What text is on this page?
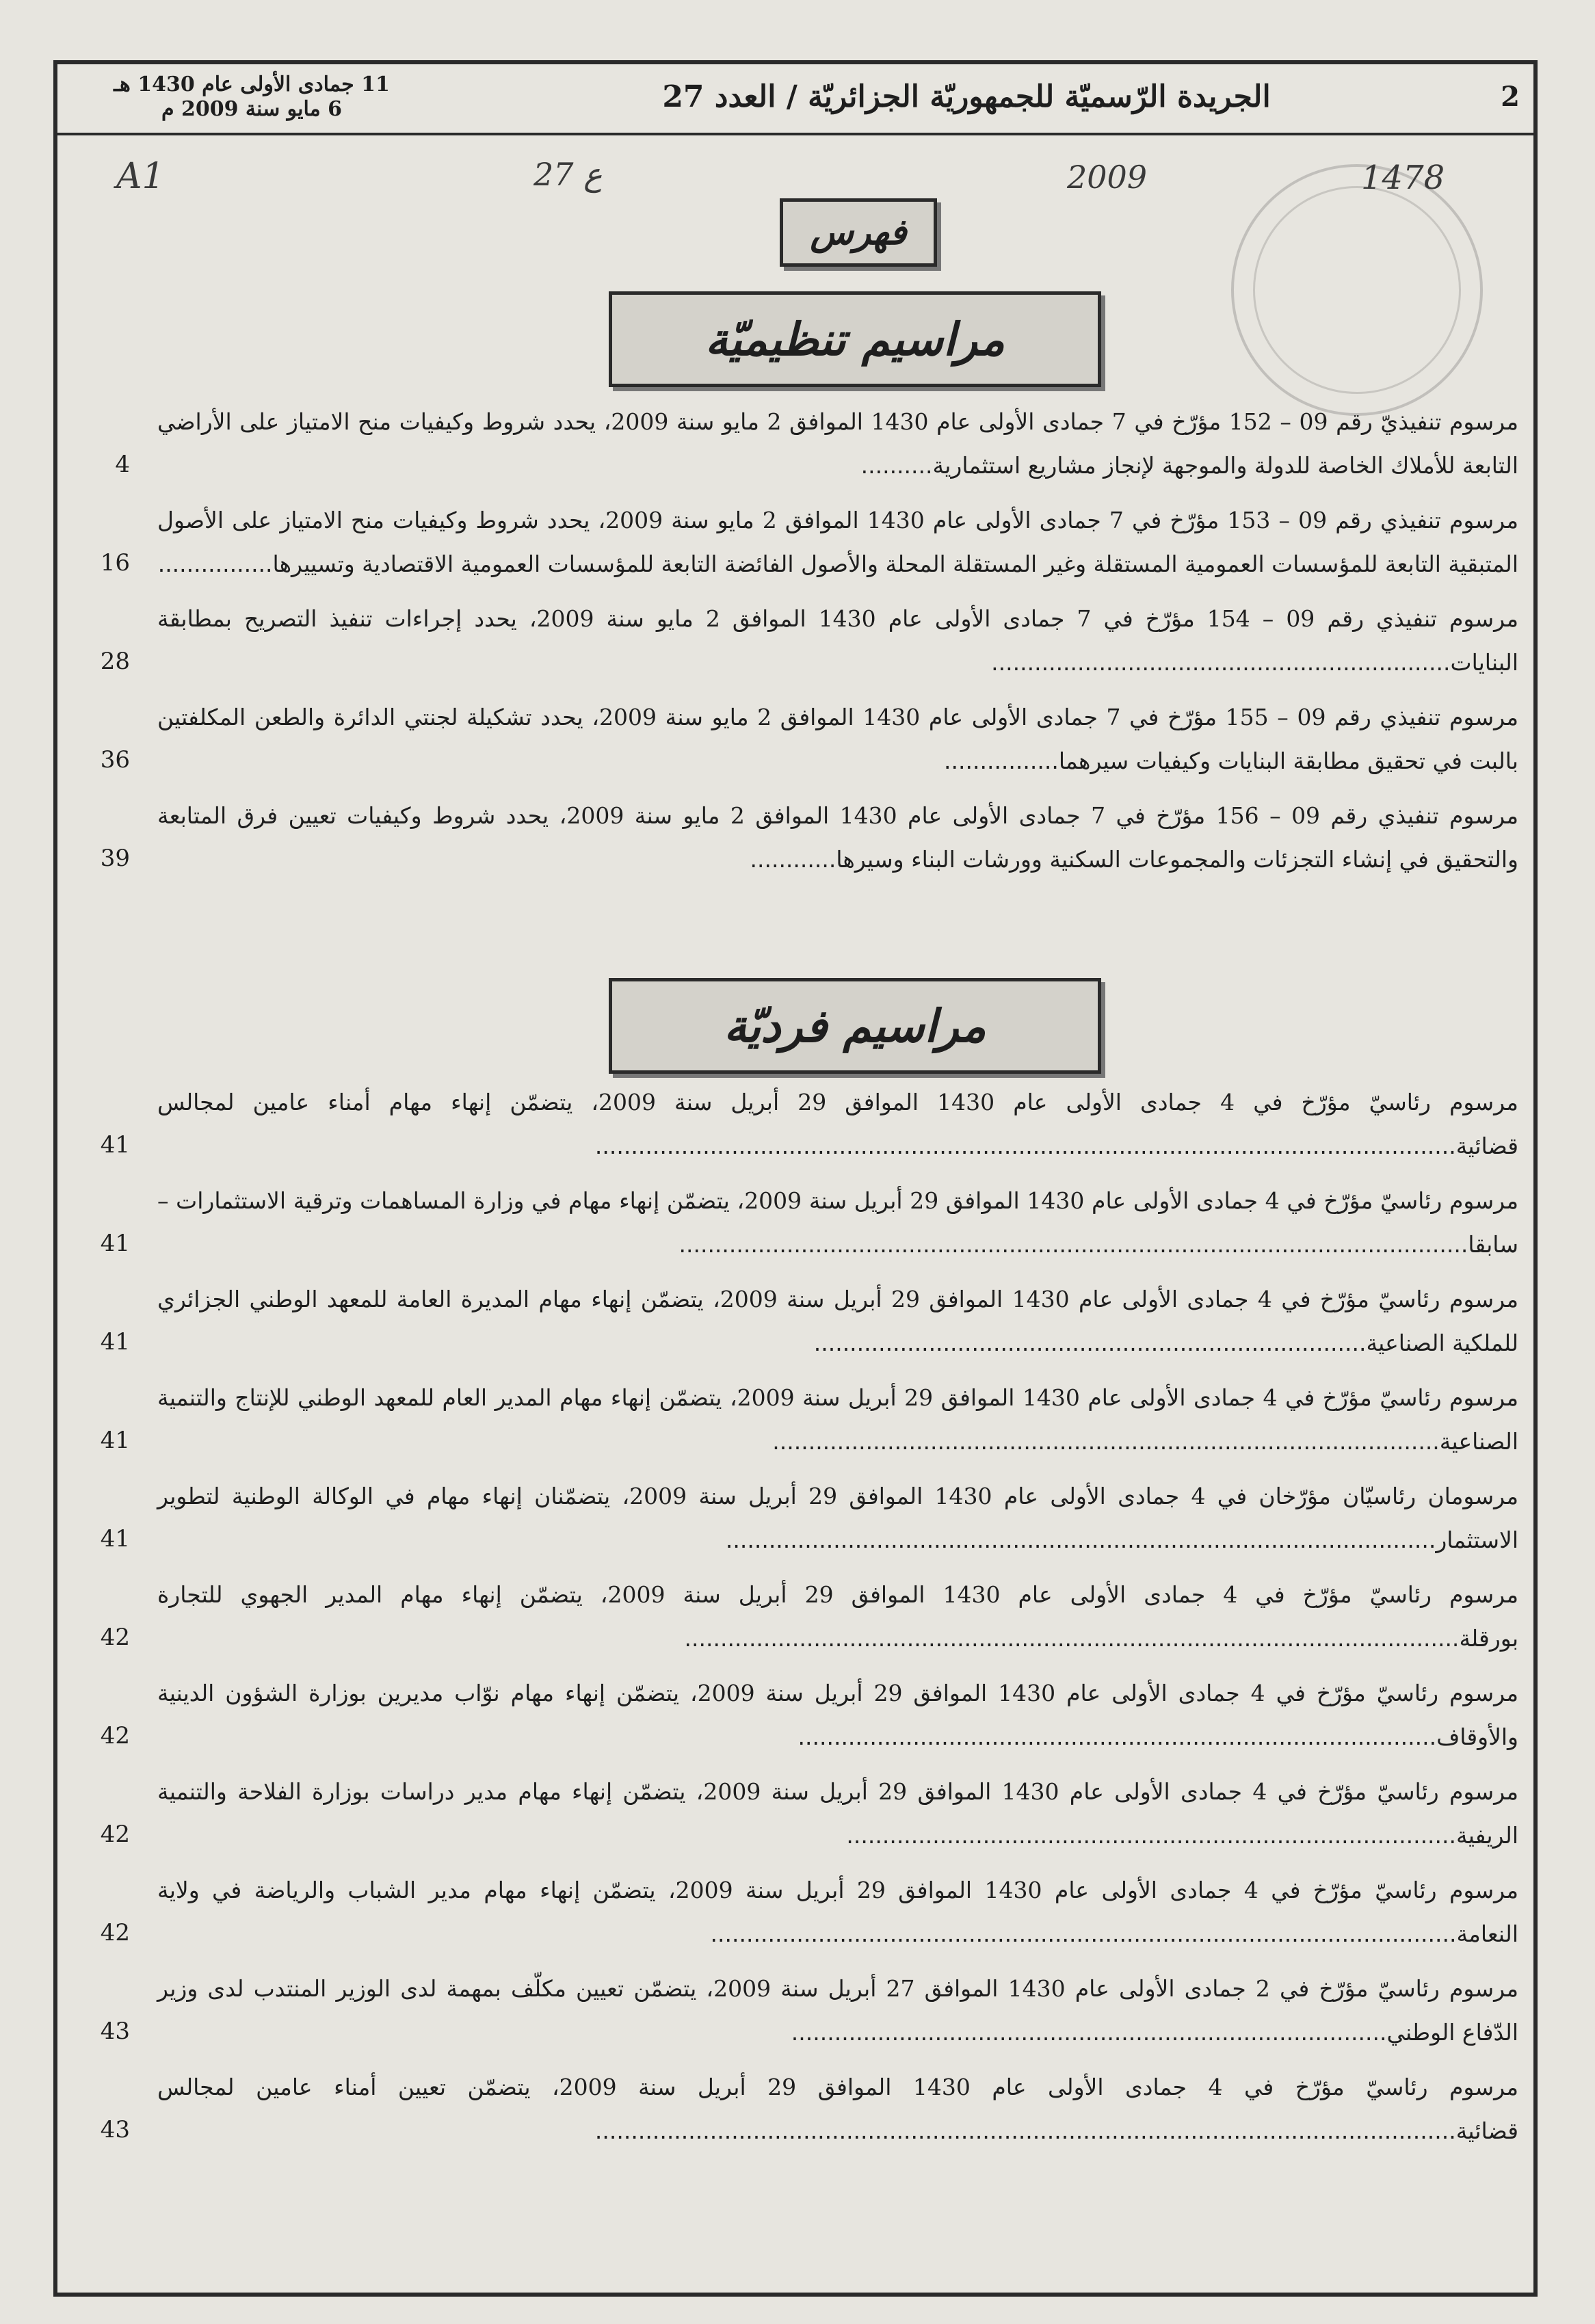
11 جمادى الأولى عام 1430 هـ
6 مايو سنة 2009 م	الجريدة الرّسميّة للجمهوريّة الجزائريّة / العدد 27	2
A1	27 ع	2009	1478
فهرس
مراسيم تنظيميّة
مرسوم تنفيذيّ رقم 09 – 152 مؤرّخ في 7 جمادى الأولى عام 1430 الموافق 2 مايو سنة 2009، يحدد شروط وكيفيات منح الامتياز على الأراضي التابعة للأملاك الخاصة للدولة والموجهة لإنجاز مشاريع استثمارية..........
4
مرسوم تنفيذي رقم 09 – 153 مؤرّخ في 7 جمادى الأولى عام 1430 الموافق 2 مايو سنة 2009، يحدد شروط وكيفيات منح الامتياز على الأصول المتبقية التابعة للمؤسسات العمومية المستقلة وغير المستقلة المحلة والأصول الفائضة التابعة للمؤسسات العمومية الاقتصادية وتسييرها................
16
مرسوم تنفيذي رقم 09 – 154 مؤرّخ في 7 جمادى الأولى عام 1430 الموافق 2 مايو سنة 2009، يحدد إجراءات تنفيذ التصريح بمطابقة البنايات................................................................
28
مرسوم تنفيذي رقم 09 – 155 مؤرّخ في 7 جمادى الأولى عام 1430 الموافق 2 مايو سنة 2009، يحدد تشكيلة لجنتي الدائرة والطعن المكلفتين بالبت في تحقيق مطابقة البنايات وكيفيات سيرهما................
36
مرسوم تنفيذي رقم 09 – 156 مؤرّخ في 7 جمادى الأولى عام 1430 الموافق 2 مايو سنة 2009، يحدد شروط وكيفيات تعيين فرق المتابعة والتحقيق في إنشاء التجزئات والمجموعات السكنية وورشات البناء وسيرها............
39
مراسيم فرديّة
مرسوم رئاسيّ مؤرّخ في 4 جمادى الأولى عام 1430 الموافق 29 أبريل سنة 2009، يتضمّن إنهاء مهام أمناء عامين لمجالس قضائية........................................................................................................................
41
مرسوم رئاسيّ مؤرّخ في 4 جمادى الأولى عام 1430 الموافق 29 أبريل سنة 2009، يتضمّن إنهاء مهام في وزارة المساهمات وترقية الاستثمارات – سابقا..............................................................................................................
41
مرسوم رئاسيّ مؤرّخ في 4 جمادى الأولى عام 1430 الموافق 29 أبريل سنة 2009، يتضمّن إنهاء مهام المديرة العامة للمعهد الوطني الجزائري للملكية الصناعية.............................................................................
41
مرسوم رئاسيّ مؤرّخ في 4 جمادى الأولى عام 1430 الموافق 29 أبريل سنة 2009، يتضمّن إنهاء مهام المدير العام للمعهد الوطني للإنتاج والتنمية الصناعية.............................................................................................
41
مرسومان رئاسيّان مؤرّخان في 4 جمادى الأولى عام 1430 الموافق 29 أبريل سنة 2009، يتضمّنان إنهاء مهام في الوكالة الوطنية لتطوير الاستثمار...................................................................................................
41
مرسوم رئاسيّ مؤرّخ في 4 جمادى الأولى عام 1430 الموافق 29 أبريل سنة 2009، يتضمّن إنهاء مهام المدير الجهوي للتجارة بورقلة............................................................................................................
42
مرسوم رئاسيّ مؤرّخ في 4 جمادى الأولى عام 1430 الموافق 29 أبريل سنة 2009، يتضمّن إنهاء مهام نوّاب مديرين بوزارة الشؤون الدينية والأوقاف.........................................................................................
42
مرسوم رئاسيّ مؤرّخ في 4 جمادى الأولى عام 1430 الموافق 29 أبريل سنة 2009، يتضمّن إنهاء مهام مدير دراسات بوزارة الفلاحة والتنمية الريفية.....................................................................................
42
مرسوم رئاسيّ مؤرّخ في 4 جمادى الأولى عام 1430 الموافق 29 أبريل سنة 2009، يتضمّن إنهاء مهام مدير الشباب والرياضة في ولاية النعامة........................................................................................................
42
مرسوم رئاسيّ مؤرّخ في 2 جمادى الأولى عام 1430 الموافق 27 أبريل سنة 2009، يتضمّن تعيين مكلّف بمهمة لدى الوزير المنتدب لدى وزير الدّفاع الوطني...................................................................................
43
مرسوم رئاسيّ مؤرّخ في 4 جمادى الأولى عام 1430 الموافق 29 أبريل سنة 2009، يتضمّن تعيين أمناء عامين لمجالس قضائية........................................................................................................................
43
